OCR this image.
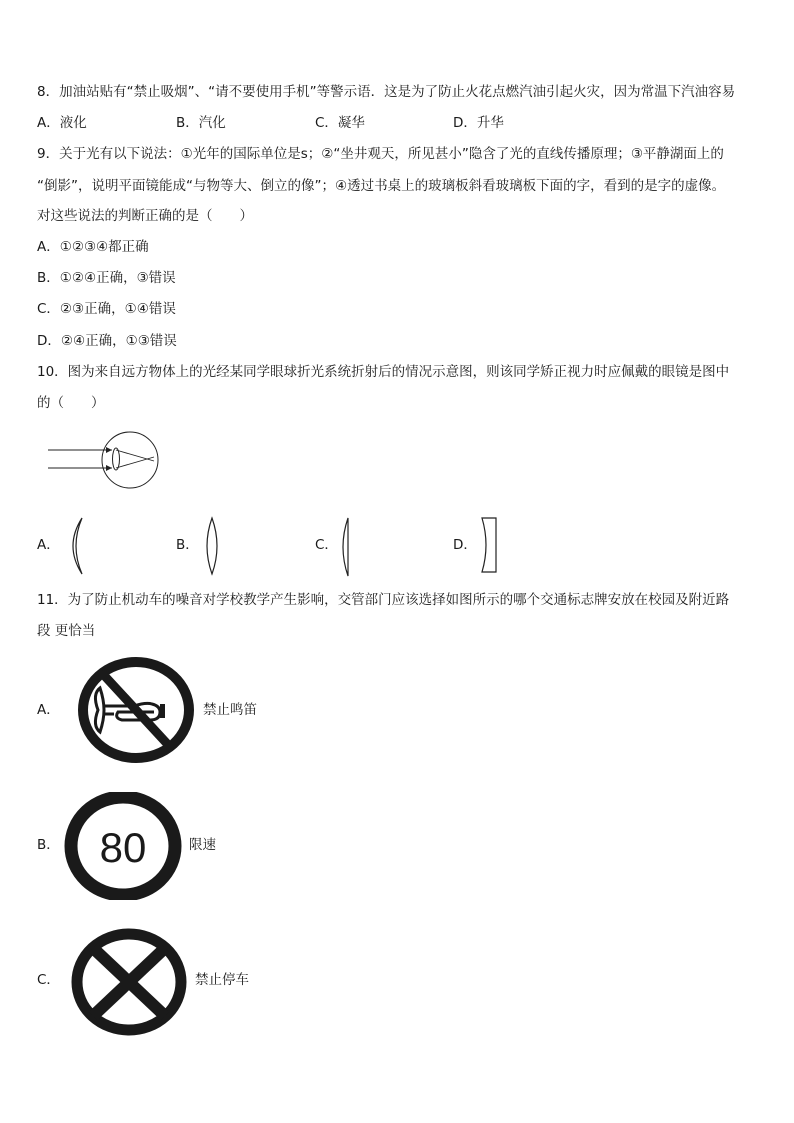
8．加油站贴有“禁止吸烟”、“请不要使用手机”等警示语．这是为了防止火花点燃汽油引起火灾，因为常温下汽油容易
A．液化	B．汽化	C．凝华	D．升华
9．关于光有以下说法：①光年的国际单位是s；②“坐井观天，所见甚小”隐含了光的直线传播原理；③平静湖面上的
“倒影”，说明平面镜能成“与物等大、倒立的像”；④透过书桌上的玻璃板斜看玻璃板下面的字，看到的是字的虚像。
对这些说法的判断正确的是（　　）
A．①②③④都正确
B．①②④正确，③错误
C．②③正确，①④错误
D．②④正确，①③错误
10．图为来自远方物体上的光经某同学眼球折光系统折射后的情况示意图，则该同学矫正视力时应佩戴的眼镜是图中
的（　　）
A．	B．	C．	D．
11．为了防止机动车的噪音对学校教学产生影响，交管部门应该选择如图所示的哪个交通标志牌安放在校园及附近路
段 更恰当
A．	禁止鸣笛
B． 80	限速
C．	禁止停车
